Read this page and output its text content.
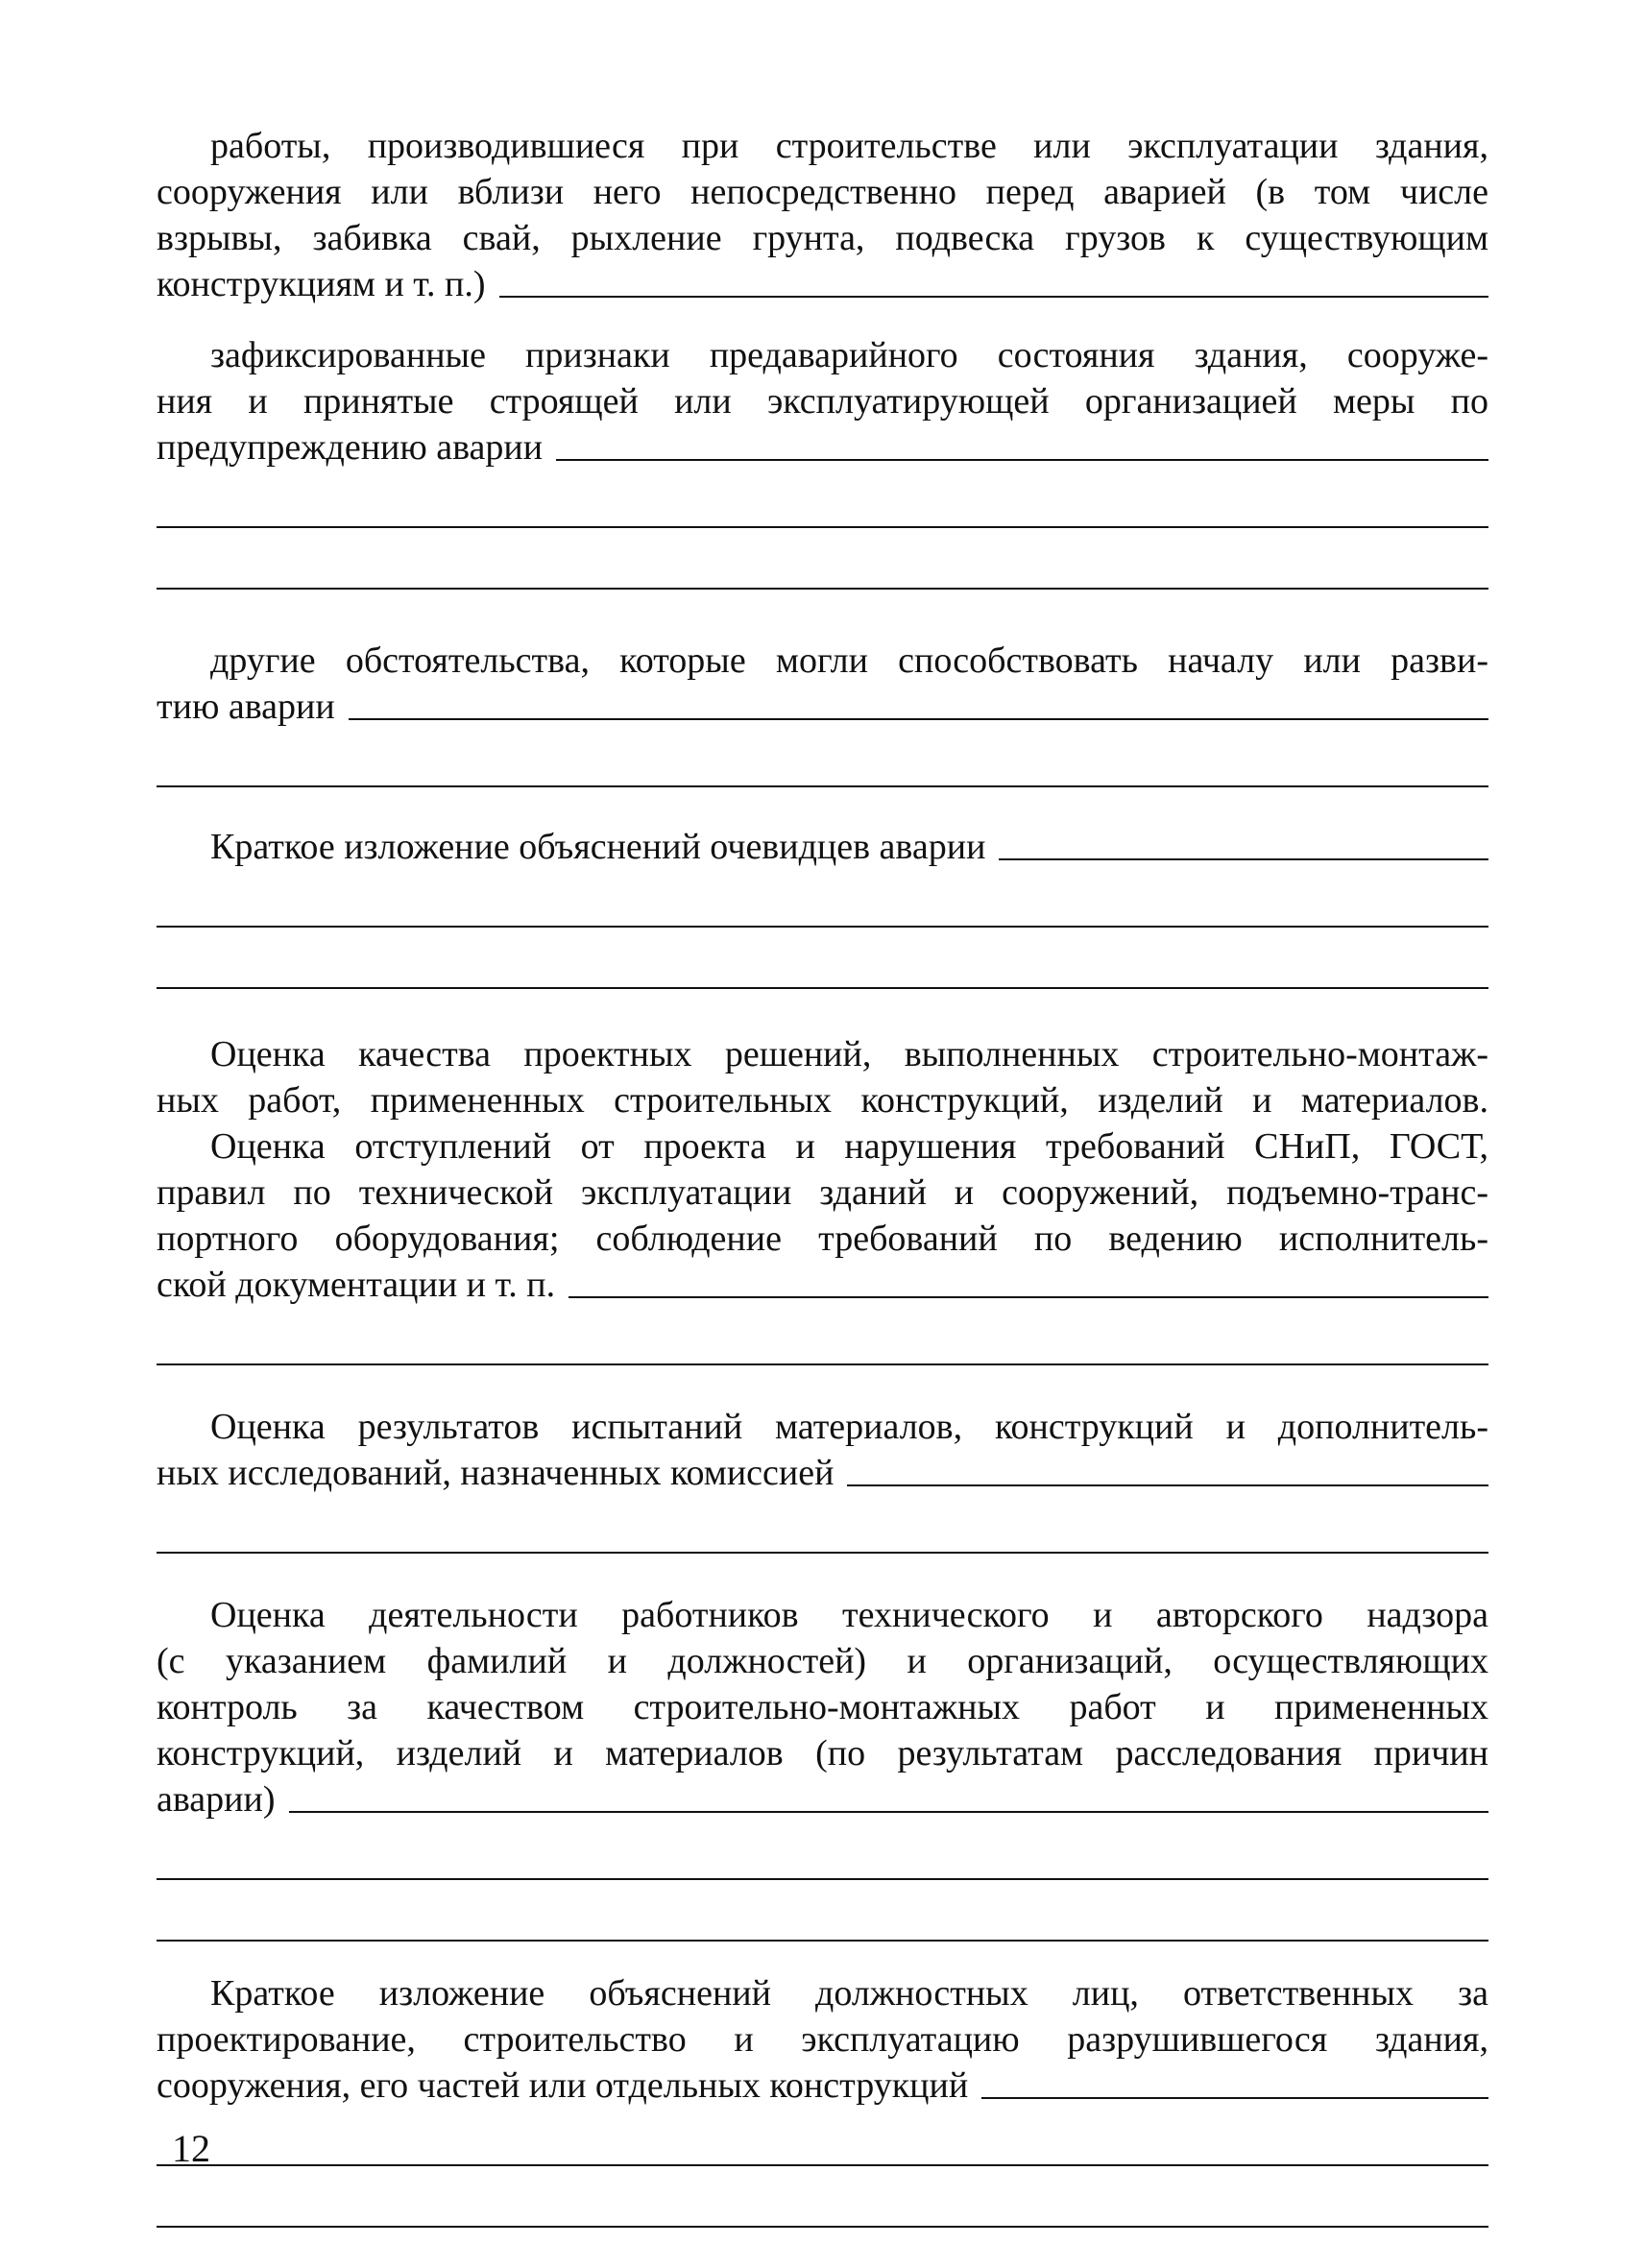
работы, производившиеся при строительстве или эксплуатации здания,
сооружения или вблизи него непосредственно перед аварией (в том числе
взрывы, забивка свай, рыхление грунта, подвеска грузов к существующим
конструкциям и т. п.)
зафиксированные признаки предаварийного состояния здания, сооруже-
ния и принятые строящей или эксплуатирующей организацией меры по
предупреждению аварии
другие обстоятельства, которые могли способствовать началу или разви-
тию аварии
Краткое изложение объяснений очевидцев аварии
Оценка качества проектных решений, выполненных строительно-монтаж-
ных работ, примененных строительных конструкций, изделий и материалов.
Оценка отступлений от проекта и нарушения требований СНиП, ГОСТ,
правил по технической эксплуатации зданий и сооружений, подъемно-транс-
портного оборудования; соблюдение требований по ведению исполнитель-
ской документации и т. п.
Оценка результатов испытаний материалов, конструкций и дополнитель-
ных исследований, назначенных комиссией
Оценка деятельности работников технического и авторского надзора
(с указанием фамилий и должностей) и организаций, осуществляющих
контроль за качеством строительно-монтажных работ и примененных
конструкций, изделий и материалов (по результатам расследования причин
аварии)
Краткое изложение объяснений должностных лиц, ответственных за
проектирование, строительство и эксплуатацию разрушившегося здания,
сооружения, его частей или отдельных конструкций
12
